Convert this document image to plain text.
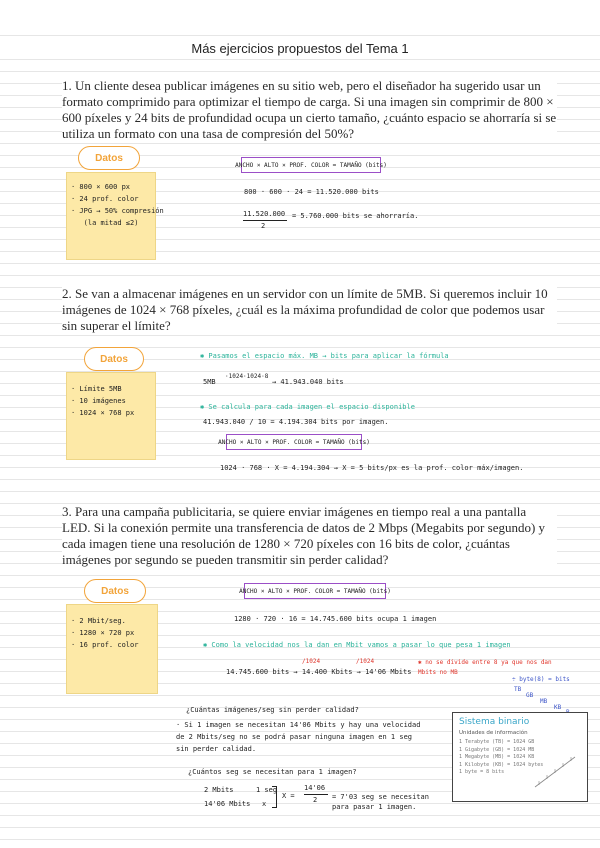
Más ejercicios propuestos del Tema 1
1. Un cliente desea publicar imágenes en su sitio web, pero el diseñador ha sugerido usar un formato comprimido para optimizar el tiempo de carga. Si una imagen sin comprimir de 800 × 600 píxeles y 24 bits de profundidad ocupa un cierto tamaño, ¿cuánto espacio se ahorraría si se utiliza un formato con una tasa de compresión del 50%?
Datos
· 800 × 600 px
· 24 prof. color
· JPG → 50% compresión
(la mitad ≤2)
ANCHO × ALTO × PROF. COLOR = TAMAÑO (bits)
800 · 600 · 24 = 11.520.000 bits
11.520.000
2
= 5.760.000 bits se ahorraría.
2. Se van a almacenar imágenes en un servidor con un límite de 5MB. Si queremos incluir 10 imágenes de 1024 × 768 píxeles, ¿cuál es la máxima profundidad de color que podemos usar sin superar el límite?
Datos
· Límite 5MB
· 10 imágenes
· 1024 × 768 px
✱ Pasamos el espacio máx. MB → bits para aplicar la fórmula
5MB
·1024·1024·8
→ 41.943.040 bits
✱ Se calcula para cada imagen el espacio disponible
41.943.040 / 10 = 4.194.304 bits por imagen.
ANCHO × ALTO × PROF. COLOR = TAMAÑO (bits)
1024 · 768 · X = 4.194.304 → X = 5 bits/px es la prof. color máx/imagen.
3. Para una campaña publicitaria, se quiere enviar imágenes en tiempo real a una pantalla LED. Si la conexión permite una transferencia de datos de 2 Mbps (Megabits por segundo) y cada imagen tiene una resolución de 1280 × 720 píxeles con 16 bits de color, ¿cuántas imágenes por segundo se pueden transmitir sin perder calidad?
Datos
· 2 Mbit/seg.
· 1280 × 720 px
· 16 prof. color
ANCHO × ALTO × PROF. COLOR = TAMAÑO (bits)
1280 · 720 · 16 = 14.745.600 bits ocupa 1 imagen
✱ Como la velocidad nos la dan en Mbit vamos a pasar lo que pesa 1 imagen
14.745.600 bits → 14.400 Kbits → 14'06 Mbits
/1024	/1024	✱ no se divide entre 8 ya que nos dan Mbits no MB
÷ byte(8) = bits
TB
GB
MB
KB
¿Cuántas imágenes/seg sin perder calidad?
· Si 1 imagen se necesitan 14'06 Mbits y hay una velocidad de 2 Mbits/seg no se podrá pasar ninguna imagen en 1 seg sin perder calidad.
¿Cuántos seg se necesitan para 1 imagen?
2 Mbits	1 seg
14'06 Mbits x
X =
14'06
2 = 7'03 seg se necesitan para pasar 1 imagen.
Sistema binario
Unidades de información
1 Terabyte (TB) = 1024 GB
1 Gigabyte (GB) = 1024 MB
1 Megabyte (MB) = 1024 KB
1 Kilobyte (KB) = 1024 bytes
1 byte = 8 bits
